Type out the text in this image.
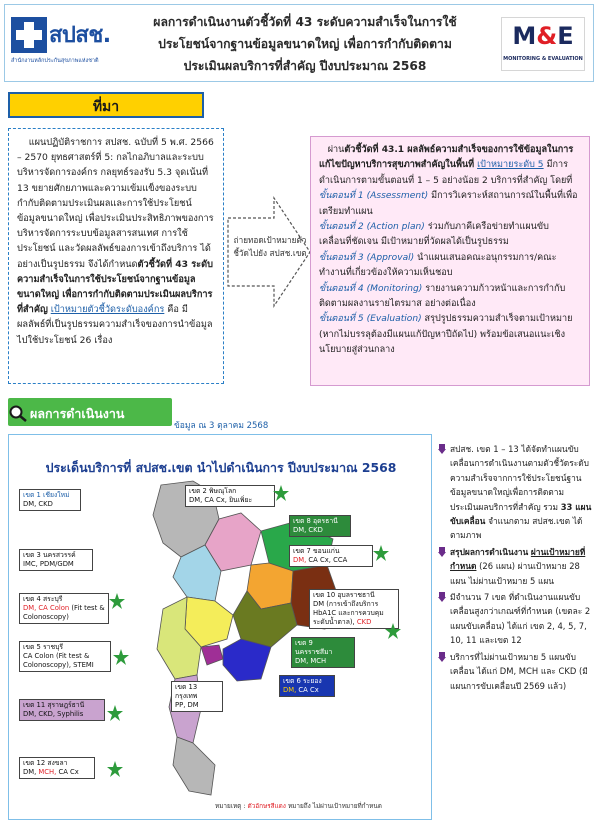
สปสช.
สำนักงานหลักประกันสุขภาพแห่งชาติ
ผลการดำเนินงานตัวชี้วัดที่ 43 ระดับความสำเร็จในการใช้
ประโยชน์จากฐานข้อมูลขนาดใหญ่ เพื่อการกำกับติดตาม
ประเมินผลบริการที่สำคัญ ปีงบประมาณ 2568
M&E
MONITORING & EVALUATION
ที่มา

แผนปฏิบัติราชการ สปสช. ฉบับที่ 5 พ.ศ. 2566 – 2570 ยุทธศาสตร์ที่ 5: กลไกอภิบาลและระบบบริหารจัดการองค์กร กลยุทธ์รองรับ 5.3 จุดเน้นที่ 13 ขยายศักยภาพและความเข้มแข็งของระบบกำกับติดตามประเมินผลและการใช้ประโยชน์ข้อมูลขนาดใหญ่ เพื่อประเมินประสิทธิภาพของการบริหารจัดการระบบข้อมูลสารสนเทศ การใช้ประโยชน์ และวัดผลลัพธ์ของการเข้าถึงบริการ ได้อย่างเป็นรูปธรรม จึงได้กำหนดตัวชี้วัดที่ 43 ระดับความสำเร็จในการใช้ประโยชน์จากฐานข้อมูลขนาดใหญ่ เพื่อการกำกับติดตามประเมินผลบริการที่สำคัญ เป้าหมายตัวชี้วัดระดับองค์กร คือ มีผลลัพธ์ที่เป็นรูปธรรมความสำเร็จของการนำข้อมูลไปใช้ประโยชน์ 26 เรื่อง

ถ่ายทอดเป้าหมายตัวชี้วัดไปยัง สปสช.เขต
ผ่านตัวชี้วัดที่ 43.1 ผลลัพธ์ความสำเร็จของการใช้ข้อมูลในการแก้ไขปัญหาบริการสุขภาพสำคัญในพื้นที่ เป้าหมายระดับ 5 มีการดำเนินการตามขั้นตอนที่ 1 – 5 อย่างน้อย 2 บริการที่สำคัญ โดยที่
ขั้นตอนที่ 1 (Assessment) มีการวิเคราะห์สถานการณ์ในพื้นที่เพื่อเตรียมทำแผน
ขั้นตอนที่ 2 (Action plan) ร่วมกับภาคีเครือข่ายทำแผนขับเคลื่อนที่ชัดเจน มีเป้าหมายที่วัดผลได้เป็นรูปธรรม
ขั้นตอนที่ 3 (Approval) นำแผนเสนอคณะอนุกรรมการ/คณะทำงานที่เกี่ยวข้องให้ความเห็นชอบ
ขั้นตอนที่ 4 (Monitoring) รายงานความก้าวหน้าและการกำกับติดตามผลงานรายไตรมาส อย่างต่อเนื่อง
ขั้นตอนที่ 5 (Evaluation) สรุปรูปธรรมความสำเร็จตามเป้าหมาย (หากไม่บรรลุต้องมีแผนแก้ปัญหาปีถัดไป) พร้อมข้อเสนอแนะเชิงนโยบายสู่ส่วนกลาง
ผลการดำเนินงาน
ข้อมูล ณ 3 ตุลาคม 2568
ประเด็นบริการที่ สปสช.เขต นำไปดำเนินการ ปีงบประมาณ 2568
เขต 1 เชียงใหม่
DM, CKD
เขต 2 พิษณุโลก
DM, CA Cx, ยินเพิ่ยะ
เขต 3 นครสวรรค์
IMC, PDM/GDM
เขต 4 สระบุรี
DM, CA Colon (Fit test & Colonoscopy)
เขต 5 ราชบุรี
CA Colon (Fit test & Colonoscopy), STEMI
เขต 6 ระยอง
DM, CA Cx
เขต 7 ขอนแก่น
DM, CA Cx, CCA
เขต 8 อุดรธานี
DM, CKD
เขต 9 นครราชสีมา
DM, MCH
เขต 10 อุบลราชธานี
DM (การเข้าถึงบริการ HbA1C และการควบคุมระดับน้ำตาล), CKD
เขต 11 สุราษฎร์ธานี
DM, CKD, Syphilis
เขต 12 สงขลา
DM, MCH, CA Cx
เขต 13 กรุงเทพ
PP, DM
หมายเหตุ : ตัวอักษรสีแดง หมายถึง ไม่ผ่านเป้าหมายที่กำหนด
สปสช. เขต 1 – 13 ได้จัดทำแผนขับเคลื่อนการดำเนินงานตามตัวชี้วัดระดับความสำเร็จจากการใช้ประโยชน์ฐานข้อมูลขนาดใหญ่เพื่อการติดตามประเมินผลบริการที่สำคัญ รวม 33 แผนขับเคลื่อน จำแนกตาม สปสช.เขต ได้ตามภาพ
สรุปผลการดำเนินงาน ผ่านเป้าหมายที่กำหนด (26 แผน) ผ่านเป้าหมาย 28 แผน ไม่ผ่านเป้าหมาย 5 แผน
มีจำนวน 7 เขต ที่ดำเนินงานแผนขับเคลื่อนสูงกว่าเกณฑ์ที่กำหนด (เขตละ 2 แผนขับเคลื่อน) ได้แก่ เขต 2, 4, 5, 7, 10, 11 และเขต 12
บริการที่ไม่ผ่านเป้าหมาย 5 แผนขับเคลื่อน ได้แก่ DM, MCH และ CKD (มีแผนการขับเคลื่อนปี 2569 แล้ว)
